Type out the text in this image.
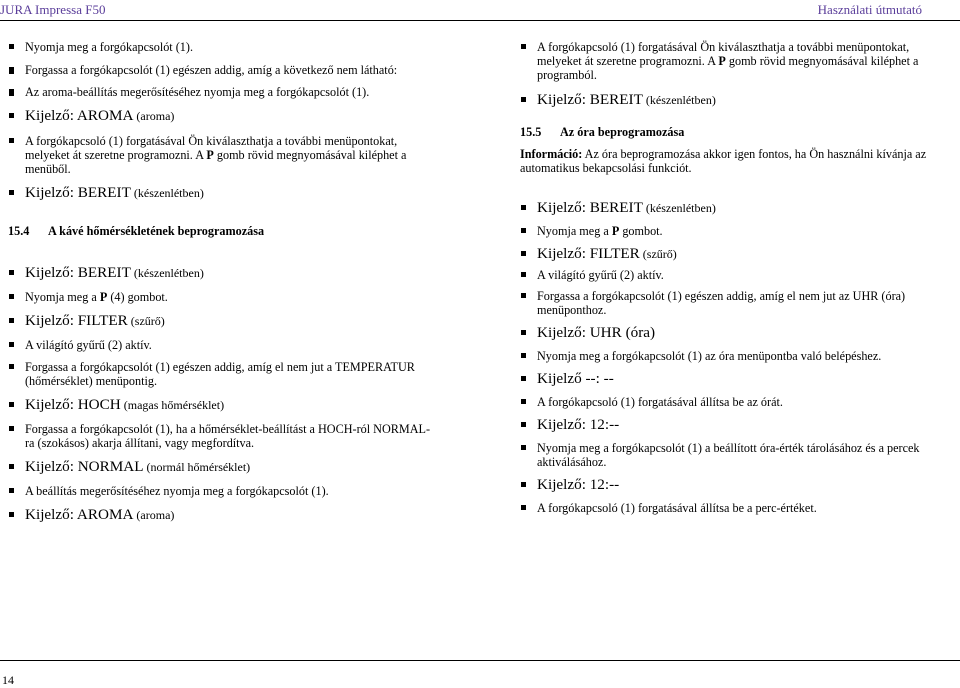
JURA Impressa F50	Használati útmutató
Nyomja meg a forgókapcsolót (1).
Forgassa a forgókapcsolót (1) egészen addig, amíg a következő nem látható:
Az aroma-beállítás megerősítéséhez nyomja meg a forgókapcsolót (1).
Kijelző: AROMA (aroma)
A forgókapcsoló (1) forgatásával Ön kiválaszthatja a további menüpontokat, melyeket át szeretne programozni. A P gomb rövid megnyomásával kiléphet a menüből.
Kijelző: BEREIT (készenlétben)
15.4 A kávé hőmérsékletének beprogramozása
Kijelző: BEREIT (készenlétben)
Nyomja meg a P (4) gombot.
Kijelző: FILTER (szűrő)
A világító gyűrű (2) aktív.
Forgassa a forgókapcsolót (1) egészen addig, amíg el nem jut a TEMPERATUR (hőmérséklet) menüpontig.
Kijelző: HOCH (magas hőmérséklet)
Forgassa a forgókapcsolót (1), ha a hőmérséklet-beállítást a HOCH-ról NORMAL-ra (szokásos) akarja állítani, vagy megfordítva.
Kijelző: NORMAL (normál hőmérséklet)
A beállítás megerősítéséhez nyomja meg a forgókapcsolót (1).
Kijelző: AROMA (aroma)
A forgókapcsoló (1) forgatásával Ön kiválaszthatja a további menüpontokat, melyeket át szeretne programozni. A P gomb rövid megnyomásával kiléphet a programból.
Kijelző: BEREIT (készenlétben)
15.5 Az óra beprogramozása
Információ: Az óra beprogramozása akkor igen fontos, ha Ön használni kívánja az automatikus bekapcsolási funkciót.
Kijelző: BEREIT (készenlétben)
Nyomja meg a P gombot.
Kijelző: FILTER (szűrő)
A világító gyűrű (2) aktív.
Forgassa a forgókapcsolót (1) egészen addig, amíg el nem jut az UHR (óra) menüponthoz.
Kijelző: UHR (óra)
Nyomja meg a forgókapcsolót (1) az óra menüpontba való belépéshez.
Kijelző --: --
A forgókapcsoló (1) forgatásával állítsa be az órát.
Kijelző: 12:--
Nyomja meg a forgókapcsolót (1) a beállított óra-érték tárolásához és a percek aktiválásához.
Kijelző: 12:--
A forgókapcsoló (1) forgatásával állítsa be a perc-értéket.
14
